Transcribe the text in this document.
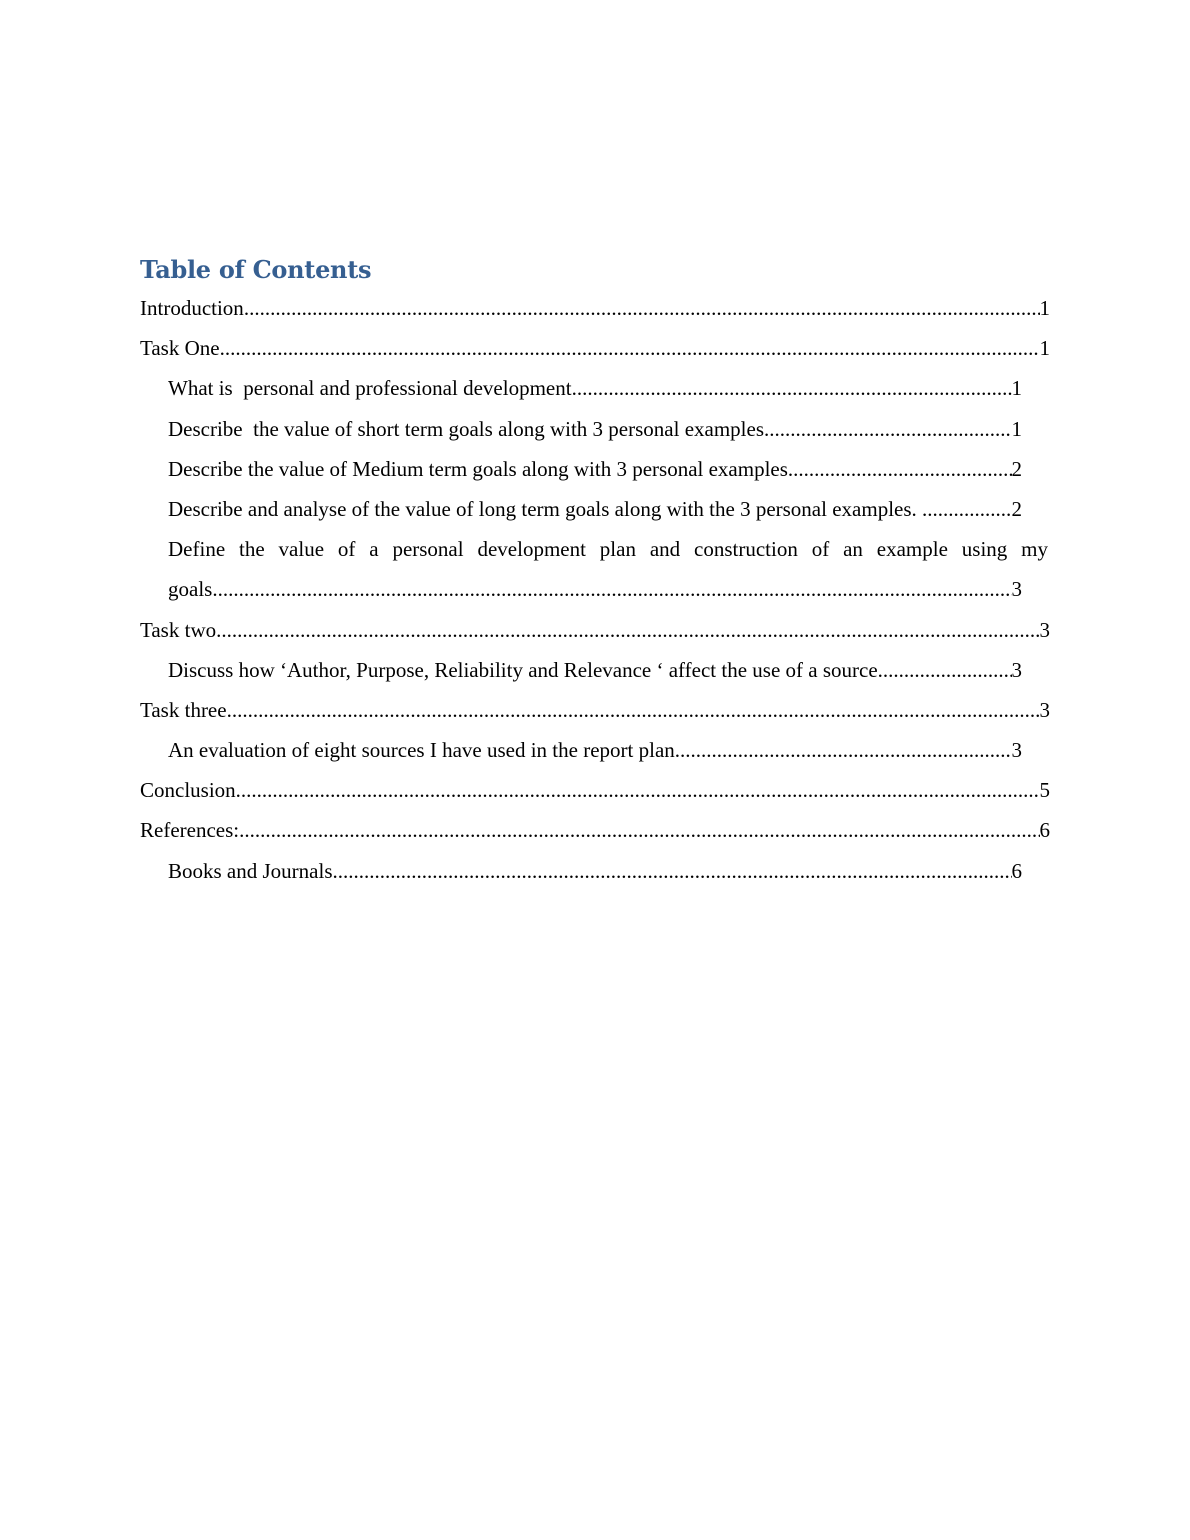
Table of Contents
Introduction .....	1
Task One .....	1
What is  personal and professional development .....	1
Describe  the value of short term goals along with 3 personal examples .....	1
Describe the value of Medium term goals along with 3 personal examples .....	2
Describe and analyse of the value of long term goals along with the 3 personal examples. .....	2
Define the value of a personal development plan and construction of an example using my
goals .....	3
Task two .....	3
Discuss how ‘Author, Purpose, Reliability and Relevance ‘ affect the use of a source .....	3
Task three .....	3
An evaluation of eight sources I have used in the report plan .....	3
Conclusion .....	5
References: .....	6
Books and Journals .....	6
